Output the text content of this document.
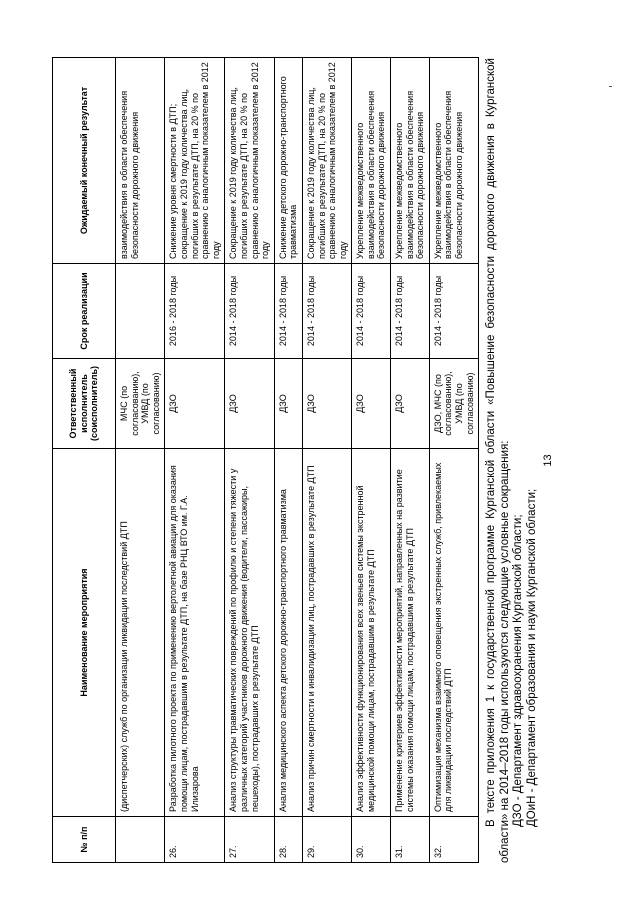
13
№ п/п	Наименование мероприятия	Ответственный исполнитель (соисполнитель)	Срок реализации	Ожидаемый конечный результат
	(диспетчерских) служб по организации ликвидации последствий ДТП	МЧС (по согласованию), УМВД (по согласованию)		взаимодействия в области обеспечения безопасности дорожного движения
26.	Разработка пилотного проекта по применению вертолетной авиации для оказания помощи лицам, пострадавшим в результате ДТП, на базе РНЦ ВТО им. Г.А. Илизарова	ДЗО	2016 - 2018 годы	Снижение уровня смертности в ДТП; сокращение к 2019 году количества лиц, погибших в результате ДТП, на 20 % по сравнению с аналогичным показателем в 2012 году
27.	Анализ структуры травматических повреждений по профилю и степени тяжести у различных категорий участников дорожного движения (водители, пассажиры, пешеходы), пострадавших в результате ДТП	ДЗО	2014 - 2018 годы	Сокращение к 2019 году количества лиц, погибших в результате ДТП, на 20 % по сравнению с аналогичным показателем в 2012 году
28.	Анализ медицинского аспекта детского дорожно-транспортного травматизма	ДЗО	2014 - 2018 годы	Снижение детского дорожно-транспортного травматизма
29.	Анализ причин смертности и инвалидизации лиц, пострадавших в результате ДТП	ДЗО	2014 - 2018 годы	Сокращение к 2019 году количества лиц, погибших в результате ДТП, на 20 % по сравнению с аналогичным показателем в 2012 году
30.	Анализ эффективности функционирования всех звеньев системы экстренной медицинской помощи лицам, пострадавшим в результате ДТП	ДЗО	2014 - 2018 годы	Укрепление межведомственного взаимодействия в области обеспечения безопасности дорожного движения
31.	Применение критериев эффективности мероприятий, направленных на развитие системы оказания помощи лицам, пострадавшим в результате ДТП	ДЗО	2014 - 2018 годы	Укрепление межведомственного взаимодействия в области обеспечения безопасности дорожного движения
32.	Оптимизация механизма взаимного оповещения экстренных служб, привлекаемых для ликвидации последствий ДТП	ДЗО, МЧС (по согласованию), УМВД (по согласованию)	2014 - 2018 годы	Укрепление межведомственного взаимодействия в области обеспечения безопасности дорожного движения В тексте приложения 1 к государственной программе Курганской области «Повышение безопасности дорожного движения в Курганской области» на 2014–2018 годы используются следующие условные сокращения: ДЗО - Департамент здравоохранения Курганской области; ДОиН - Департамент образования и науки Курганской области;
